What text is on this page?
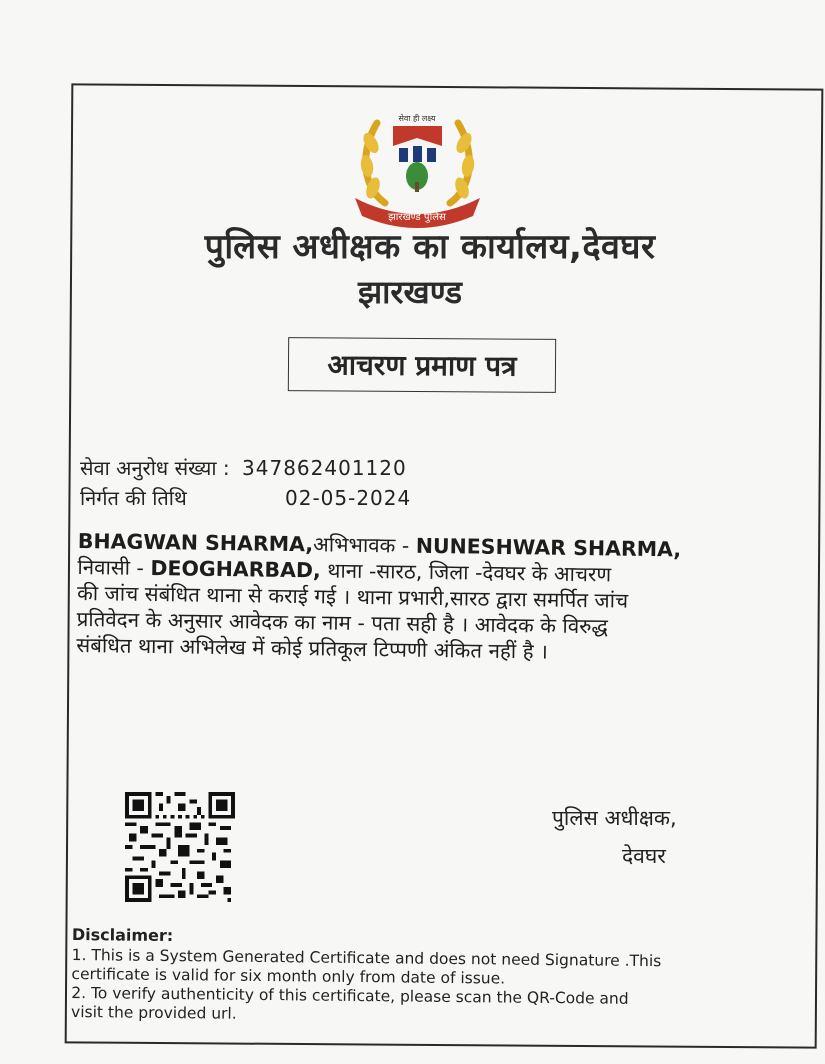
सेवा ही लक्ष्य
झारखण्ड पुलिस
पुलिस अधीक्षक का कार्यालय,देवघर
झारखण्ड
आचरण प्रमाण पत्र
सेवा अनुरोध संख्या : 347862401120
निर्गत की तिथि	02-05-2024
BHAGWAN SHARMA,अभिभावक - NUNESHWAR SHARMA,
निवासी - DEOGHARBAD, थाना -सारठ, जिला -देवघर के आचरण
की जांच संबंधित थाना से कराई गई । थाना प्रभारी,सारठ द्वारा समर्पित जांच
प्रतिवेदन के अनुसार आवेदक का नाम - पता सही है । आवेदक के विरुद्ध
संबंधित थाना अभिलेख में कोई प्रतिकूल टिप्पणी अंकित नहीं है ।
पुलिस अधीक्षक,
देवघर
Disclaimer:
1. This is a System Generated Certificate and does not need Signature .This
certificate is valid for six month only from date of issue.
2. To verify authenticity of this certificate, please scan the QR-Code and
visit the provided url.
